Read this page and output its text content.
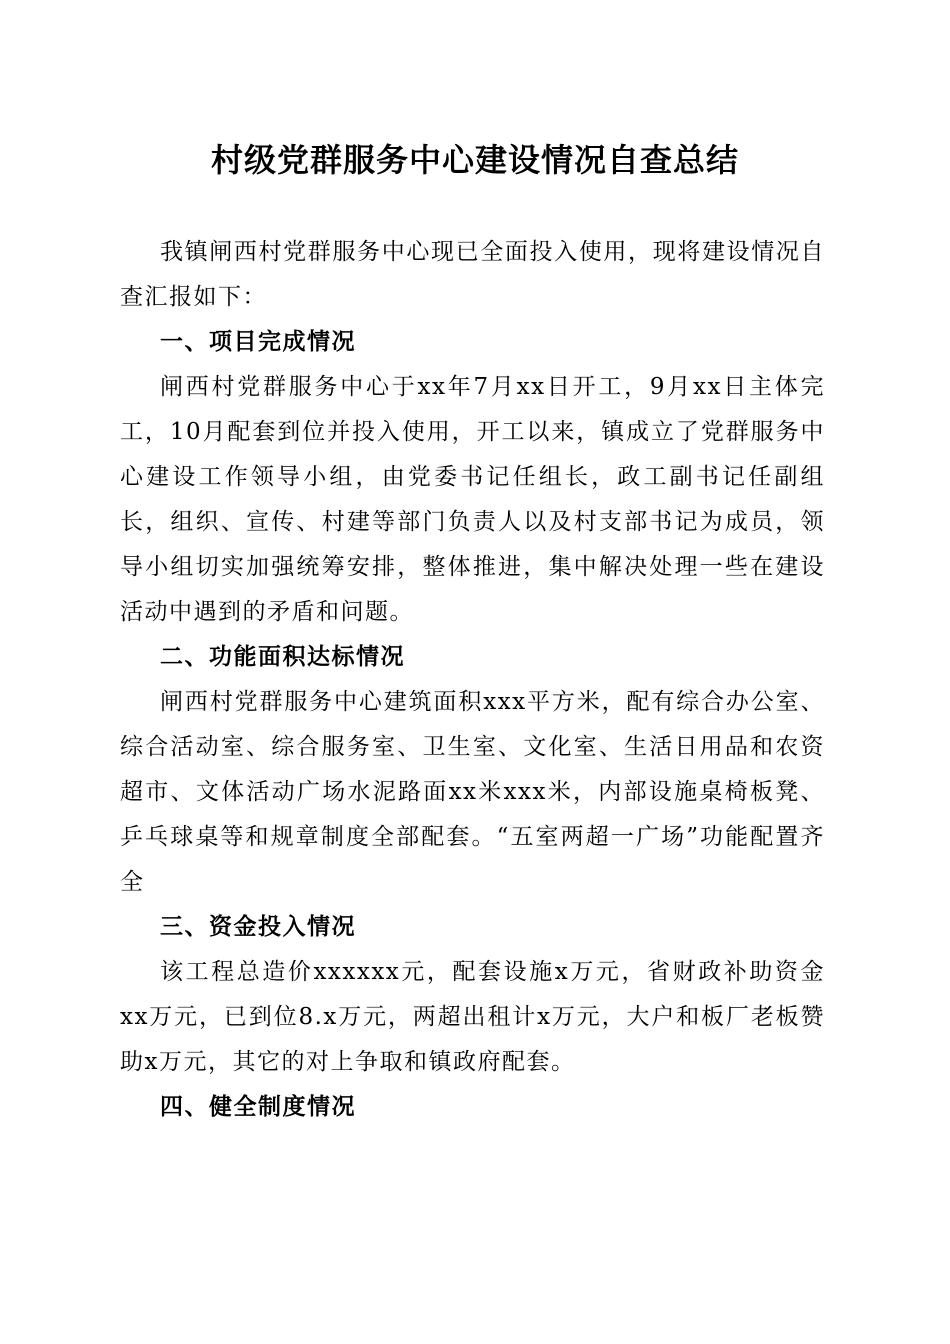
村级党群服务中心建设情况自查总结

我镇闸西村党群服务中心现已全面投入使用，现将建设情况自查汇报如下：

一、项目完成情况

闸西村党群服务中心于xx年7月xx日开工，9月xx日主体完工，10月配套到位并投入使用，开工以来，镇成立了党群服务中心建设工作领导小组，由党委书记任组长，政工副书记任副组长，组织、宣传、村建等部门负责人以及村支部书记为成员，领导小组切实加强统筹安排，整体推进，集中解决处理一些在建设活动中遇到的矛盾和问题。

二、功能面积达标情况

闸西村党群服务中心建筑面积xxx平方米，配有综合办公室、综合活动室、综合服务室、卫生室、文化室、生活日用品和农资超市、文体活动广场水泥路面xx米xxx米，内部设施桌椅板凳、乒乓球桌等和规章制度全部配套。“五室两超一广场”功能配置齐全

三、资金投入情况

该工程总造价xxxxxx元，配套设施x万元，省财政补助资金xx万元，已到位8.x万元，两超出租计x万元，大户和板厂老板赞助x万元，其它的对上争取和镇政府配套。

四、健全制度情况
